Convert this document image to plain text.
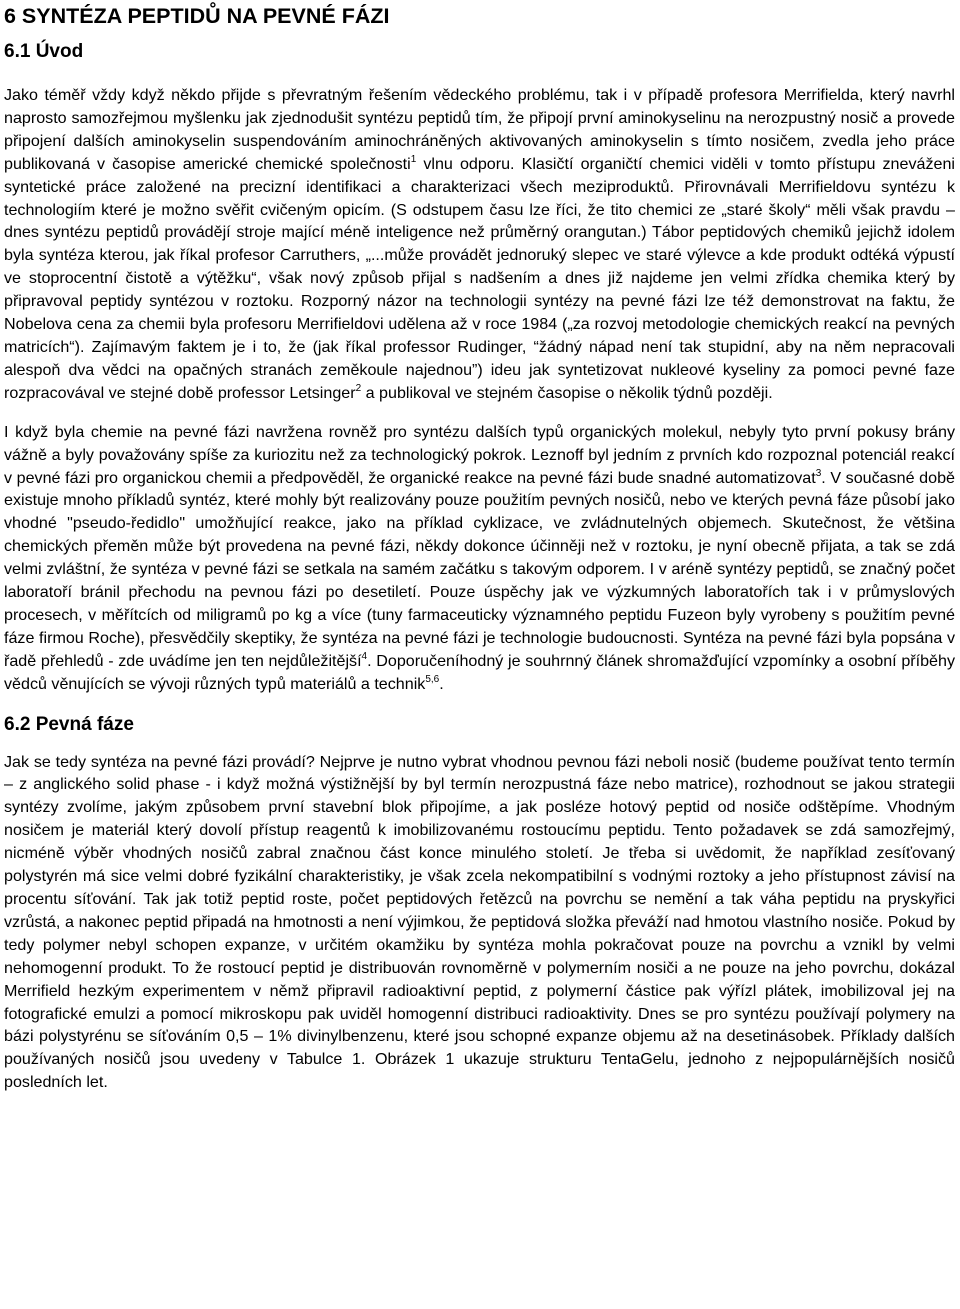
6 SYNTÉZA PEPTIDŮ NA PEVNÉ FÁZI
6.1 Úvod

Jako téměř vždy když někdo přijde s převratným řešením vědeckého problému, tak i v případě profesora Merrifielda, který navrhl naprosto samozřejmou myšlenku jak zjednodušit syntézu peptidů tím, že připojí první aminokyselinu na nerozpustný nosič a provede připojení dalších aminokyselin suspendováním aminochráněných aktivovaných aminokyselin s tímto nosičem, zvedla jeho práce publikovaná v časopise americké chemické společnosti$^1$ vlnu odporu. Klasičtí organičtí chemici viděli v tomto přístupu zneváženi syntetické práce založené na precizní identifikaci a charakterizaci všech meziproduktů. Přirovnávali Merrifieldovu syntézu k technologiím které je možno svěřit cvičeným opicím. (S odstupem času lze říci, že tito chemici ze „staré školy“ měli však pravdu – dnes syntézu peptidů provádějí stroje mající méně inteligence než průměrný orangutan.) Tábor peptidových chemiků jejichž idolem byla syntéza kterou, jak říkal profesor Carruthers, „...může provádět jednoruký slepec ve staré výlevce a kde produkt odtéká výpustí ve stoprocentní čistotě a výtěžku“, však nový způsob přijal s nadšením a dnes již najdeme jen velmi zřídka chemika který by připravoval peptidy syntézou v roztoku. Rozporný názor na technologii syntézy na pevné fázi lze též demonstrovat na faktu, že Nobelova cena za chemii byla profesoru Merrifieldovi udělena až v roce 1984 („za rozvoj metodologie chemických reakcí na pevných matricích“). Zajímavým faktem je i to, že (jak říkal professor Rudinger, “žádný nápad není tak stupidní, aby na něm nepracovali alespoň dva vědci na opačných stranách zeměkoule najednou”) ideu jak syntetizovat nukleové kyseliny za pomoci pevné faze rozpracovával ve stejné době professor Letsinger$^2$ a publikoval ve stejném časopise o několik týdnů později.

I když byla chemie na pevné fázi navržena rovněž pro syntézu dalších typů organických molekul, nebyly tyto první pokusy brány vážně a byly považovány spíše za kuriozitu než za technologický pokrok. Leznoff byl jedním z prvních kdo rozpoznal potenciál reakcí v pevné fázi pro organickou chemii a předpověděl, že organické reakce na pevné fázi bude snadné automatizovat$^3$. V současné době existuje mnoho příkladů syntéz, které mohly být realizovány pouze použitím pevných nosičů, nebo ve kterých pevná fáze působí jako vhodné "pseudo-ředidlo" umožňující reakce, jako na příklad cyklizace, ve zvládnutelných objemech. Skutečnost, že většina chemických přeměn může být provedena na pevné fázi, někdy dokonce účinněji než v roztoku, je nyní obecně přijata, a tak se zdá velmi zvláštní, že syntéza v pevné fázi se setkala na samém začátku s takovým odporem. I v aréně syntézy peptidů, se značný počet laboratoří bránil přechodu na pevnou fázi po desetiletí. Pouze úspěchy jak ve výzkumných laboratořích tak i v průmyslových procesech, v měřítcích od miligramů po kg a více (tuny farmaceuticky významného peptidu Fuzeon byly vyrobeny s použitím pevné fáze firmou Roche), přesvědčily skeptiky, že syntéza na pevné fázi je technologie budoucnosti. Syntéza na pevné fázi byla popsána v řadě přehledů - zde uvádíme jen ten nejdůležitější$^4$. Doporučeníhodný je souhrnný článek shromažďující vzpomínky a osobní příběhy vědců věnujících se vývoji různých typů materiálů a technik$^{5,6}$.

6.2 Pevná fáze

Jak se tedy syntéza na pevné fázi provádí? Nejprve je nutno vybrat vhodnou pevnou fázi neboli nosič (budeme používat tento termín – z anglického solid phase - i když možná výstižnější by byl termín nerozpustná fáze nebo matrice), rozhodnout se jakou strategii syntézy zvolíme, jakým způsobem první stavební blok připojíme, a jak posléze hotový peptid od nosiče odštěpíme. Vhodným nosičem je materiál který dovolí přístup reagentů k imobilizovanému rostoucímu peptidu. Tento požadavek se zdá samozřejmý, nicméně výběr vhodných nosičů zabral značnou část konce minulého století. Je třeba si uvědomit, že například zesíťovaný polystyrén má sice velmi dobré fyzikální charakteristiky, je však zcela nekompatibilní s vodnými roztoky a jeho přístupnost závisí na procentu síťování. Tak jak totiž peptid roste, počet peptidových řetězců na povrchu se nemění a tak váha peptidu na pryskyřici vzrůstá, a nakonec peptid připadá na hmotnosti a není výjimkou, že peptidová složka převáží nad hmotou vlastního nosiče. Pokud by tedy polymer nebyl schopen expanze, v určitém okamžiku by syntéza mohla pokračovat pouze na povrchu a vznikl by velmi nehomogenní produkt. To že rostoucí peptid je distribuován rovnoměrně v polymerním nosiči a ne pouze na jeho povrchu, dokázal Merrifield hezkým experimentem v němž připravil radioaktivní peptid, z polymerní částice pak výřízl plátek, imobilizoval jej na fotografické emulzi a pomocí mikroskopu pak uviděl homogenní distribuci radioaktivity. Dnes se pro syntézu používají polymery na bázi polystyrénu se síťováním 0,5 – 1% divinylbenzenu, které jsou schopné expanze objemu až na desetinásobek. Příklady dalších používaných nosičů jsou uvedeny v Tabulce 1. Obrázek 1 ukazuje strukturu TentaGelu, jednoho z nejpopulárnějších nosičů posledních let.
